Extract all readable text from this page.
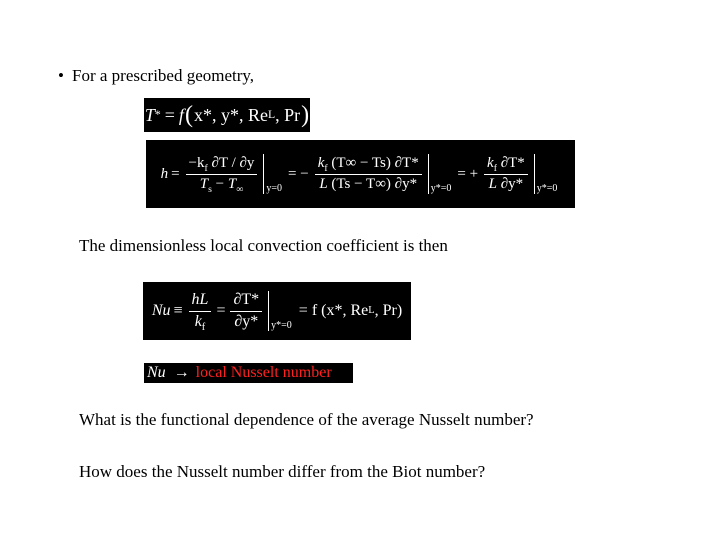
• For a prescribed geometry,
T * = f ( x*, y*, Re L , Pr )
$h = \frac{-k_f \partial T / \partial y}{T_s - T_\infty} y=0$
= − $\frac{k_f (T\infty - Ts) \partial T*}{L (Ts - T\infty) \partial y*} y*=0$
= + $\frac{k_f \partial T*}{L \partial y*} y*=0$
The dimensionless local convection coefficient is then
$Nu \equiv \frac{hL}{k_f} = \frac{\partial T*}{\partial y*} y*=0$
= f (x*, Re L , Pr)
Nu → local Nusselt number
What is the functional dependence of the average Nusselt number?
How does the Nusselt number differ from the Biot number?
